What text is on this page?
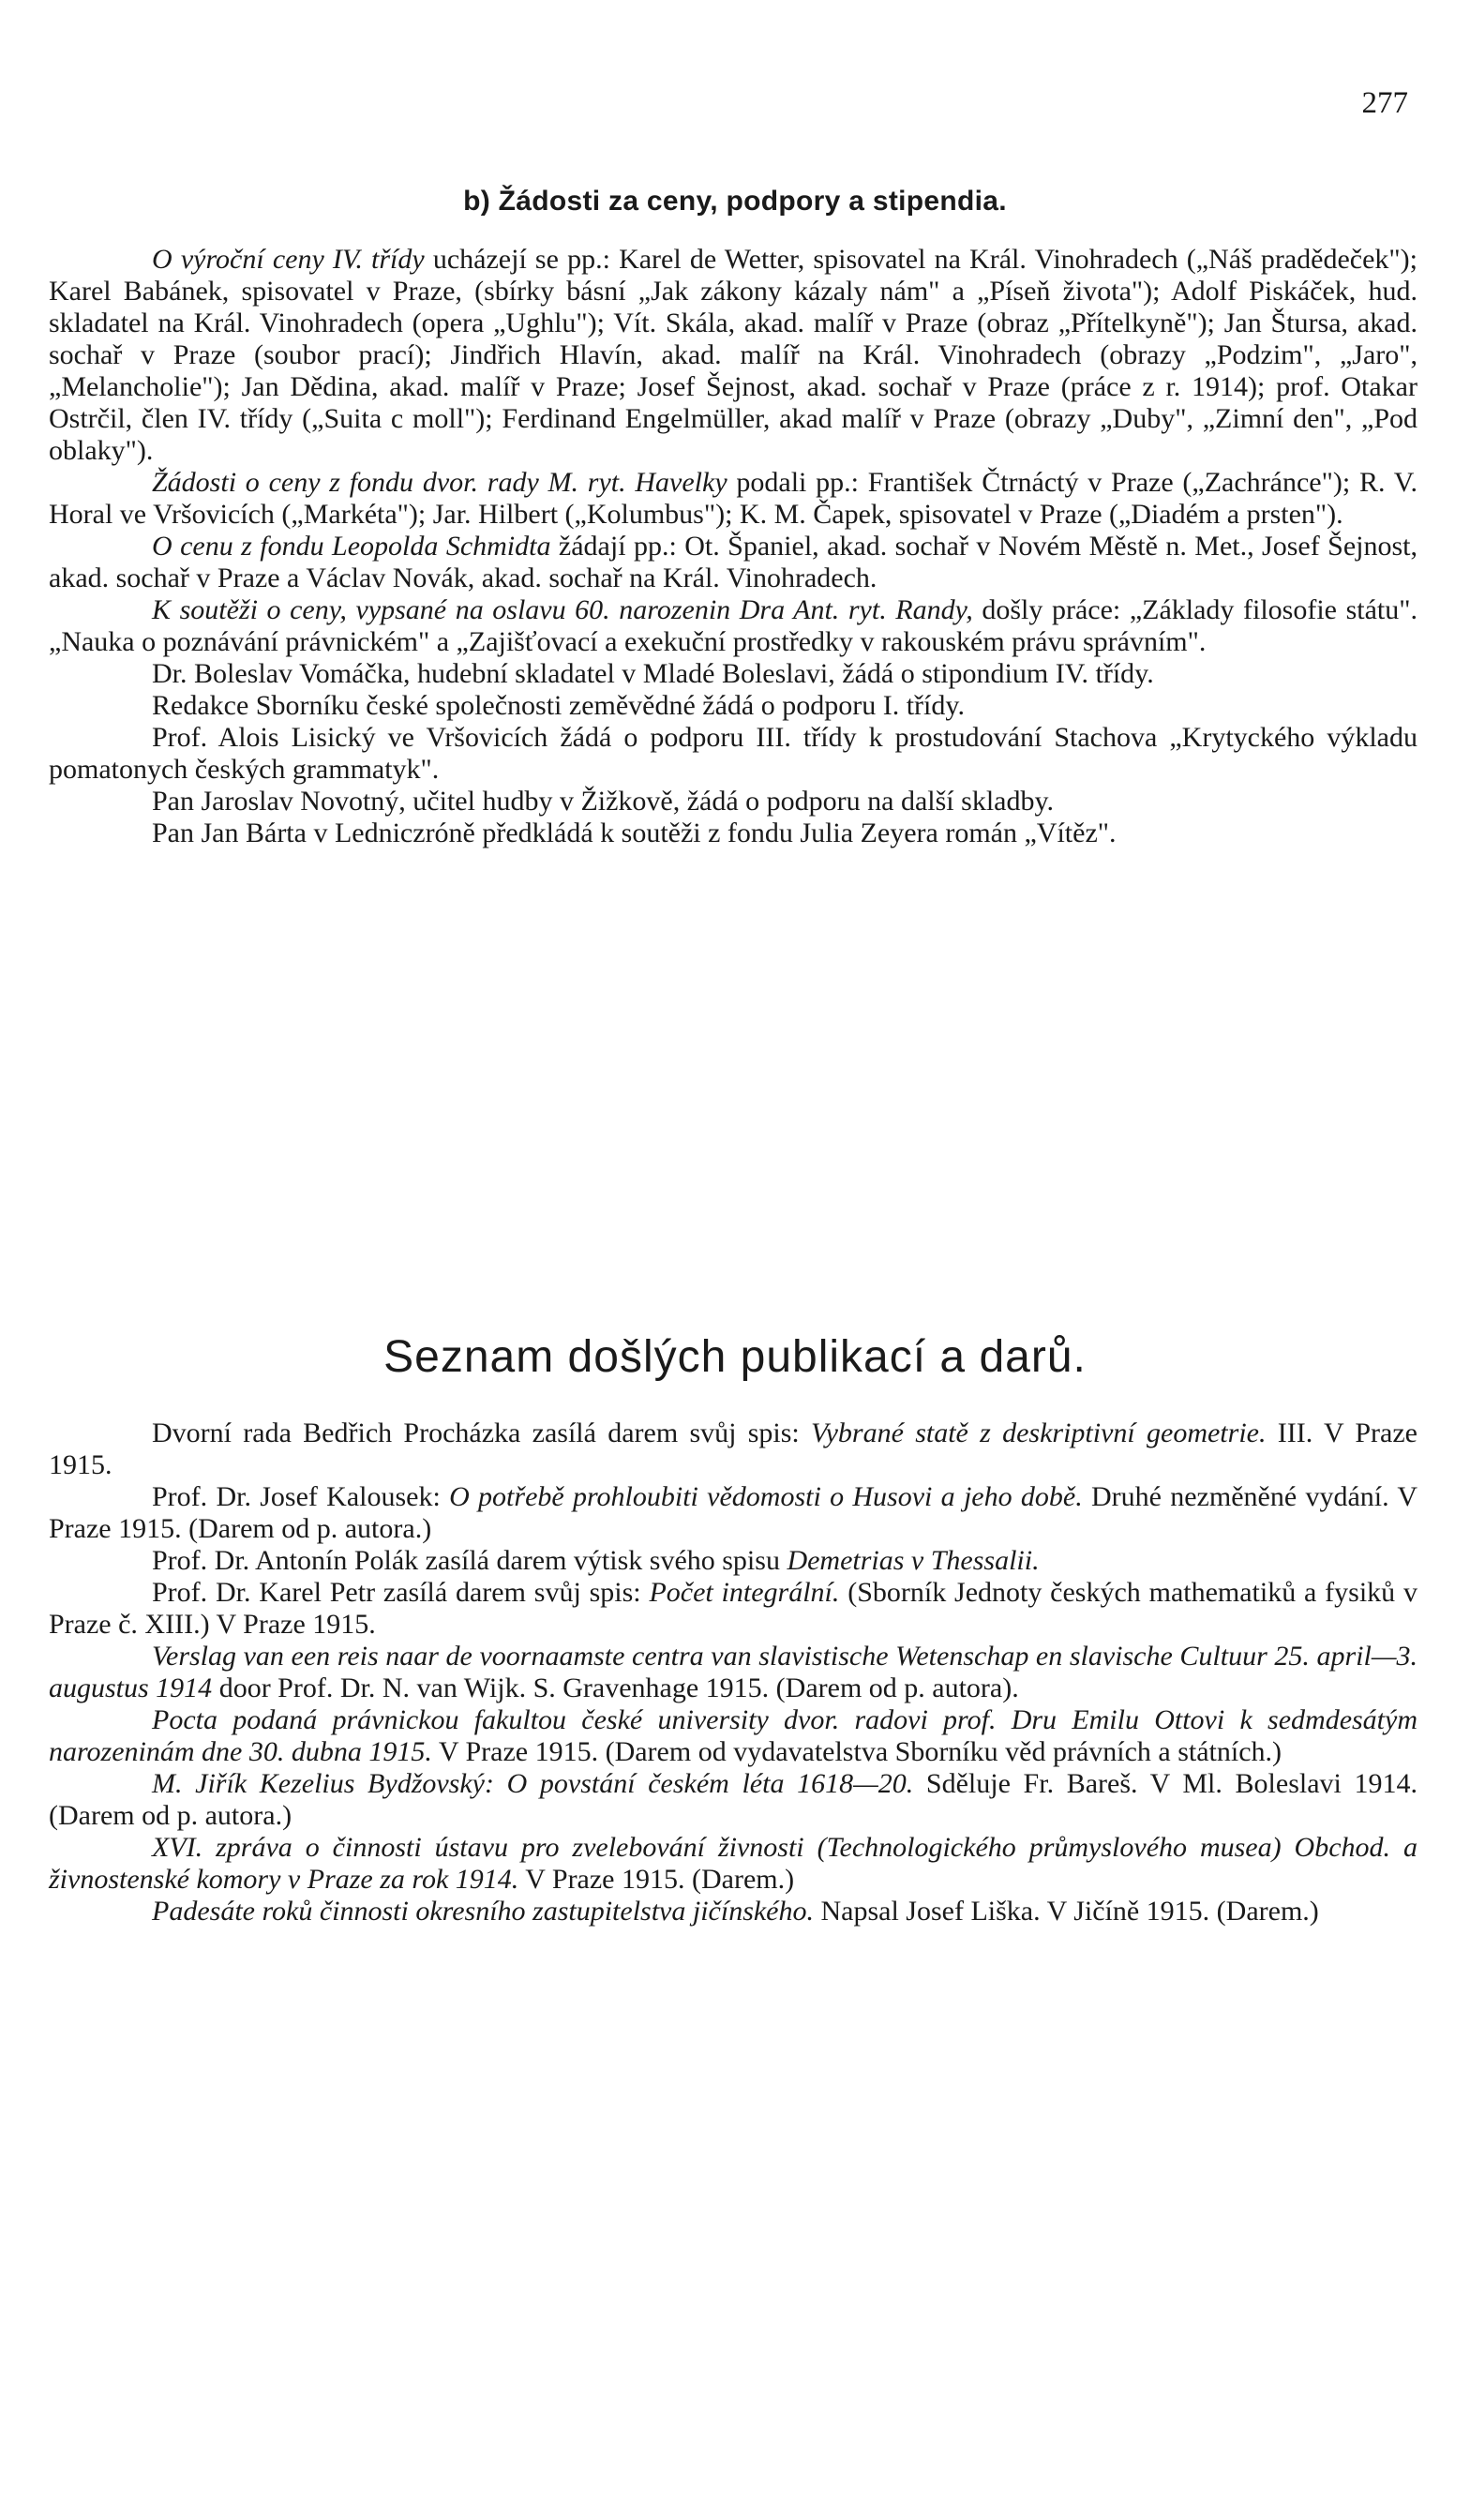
277
b) Žádosti za ceny, podpory a stipendia.

O výroční ceny IV. třídy ucházejí se pp.: Karel de Wetter, spisovatel na Král. Vinohradech („Náš pradědeček"); Karel Babánek, spisovatel v Praze, (sbírky básní „Jak zákony kázaly nám" a „Píseň života"); Adolf Piskáček, hud. skladatel na Král. Vinohradech (opera „Ughlu"); Vít. Skála, akad. malíř v Praze (obraz „Přítelkyně"); Jan Štursa, akad. sochař v Praze (soubor prací); Jindřich Hlavín, akad. malíř na Král. Vinohradech (obrazy „Podzim", „Jaro", „Melancholie"); Jan Dědina, akad. malíř v Praze; Josef Šejnost, akad. sochař v Praze (práce z r. 1914); prof. Otakar Ostrčil, člen IV. třídy („Suita c moll"); Ferdinand Engelmüller, akad malíř v Praze (obrazy „Duby", „Zimní den", „Pod oblaky").

Žádosti o ceny z fondu dvor. rady M. ryt. Havelky podali pp.: František Čtrnáctý v Praze („Zachránce"); R. V. Horal ve Vršovicích („Markéta"); Jar. Hilbert („Kolumbus"); K. M. Čapek, spisovatel v Praze („Diadém a prsten").

O cenu z fondu Leopolda Schmidta žádají pp.: Ot. Španiel, akad. sochař v Novém Městě n. Met., Josef Šejnost, akad. sochař v Praze a Václav Novák, akad. sochař na Král. Vinohradech.

K soutěži o ceny, vypsané na oslavu 60. narozenin Dra Ant. ryt. Randy, došly práce: „Základy filosofie státu". „Nauka o poznávání právnickém" a „Zajišťovací a exekuční prostředky v rakouském právu správním".

Dr. Boleslav Vomáčka, hudební skladatel v Mladé Boleslavi, žádá o stipondium IV. třídy.

Redakce Sborníku české společnosti zeměvědné žádá o podporu I. třídy.

Prof. Alois Lisický ve Vršovicích žádá o podporu III. třídy k prostudování Stachova „Krytyckého výkladu pomatonych českých grammatyk".

Pan Jaroslav Novotný, učitel hudby v Žižkově, žádá o podporu na další skladby.

Pan Jan Bárta v Ledniczróně předkládá k soutěži z fondu Julia Zeyera román „Vítěz".

Seznam došlých publikací a darů.

Dvorní rada Bedřich Procházka zasílá darem svůj spis: Vybrané statě z deskriptivní geometrie. III. V Praze 1915.

Prof. Dr. Josef Kalousek: O potřebě prohloubiti vědomosti o Husovi a jeho době. Druhé nezměněné vydání. V Praze 1915. (Darem od p. autora.)

Prof. Dr. Antonín Polák zasílá darem výtisk svého spisu Demetrias v Thessalii.

Prof. Dr. Karel Petr zasílá darem svůj spis: Počet integrální. (Sborník Jednoty českých mathematiků a fysiků v Praze č. XIII.) V Praze 1915.

Verslag van een reis naar de voornaamste centra van slavistische Wetenschap en slavische Cultuur 25. april—3. augustus 1914 door Prof. Dr. N. van Wijk. S. Gravenhage 1915. (Darem od p. autora).

Pocta podaná právnickou fakultou české university dvor. radovi prof. Dru Emilu Ottovi k sedmdesátým narozeninám dne 30. dubna 1915. V Praze 1915. (Darem od vydavatelstva Sborníku věd právních a státních.)

M. Jiřík Kezelius Bydžovský: O povstání českém léta 1618—20. Sděluje Fr. Bareš. V Ml. Boleslavi 1914. (Darem od p. autora.)

XVI. zpráva o činnosti ústavu pro zvelebování živnosti (Technologického průmyslového musea) Obchod. a živnostenské komory v Praze za rok 1914. V Praze 1915. (Darem.)

Padesáte roků činnosti okresního zastupitelstva jičínského. Napsal Josef Liška. V Jičíně 1915. (Darem.)
